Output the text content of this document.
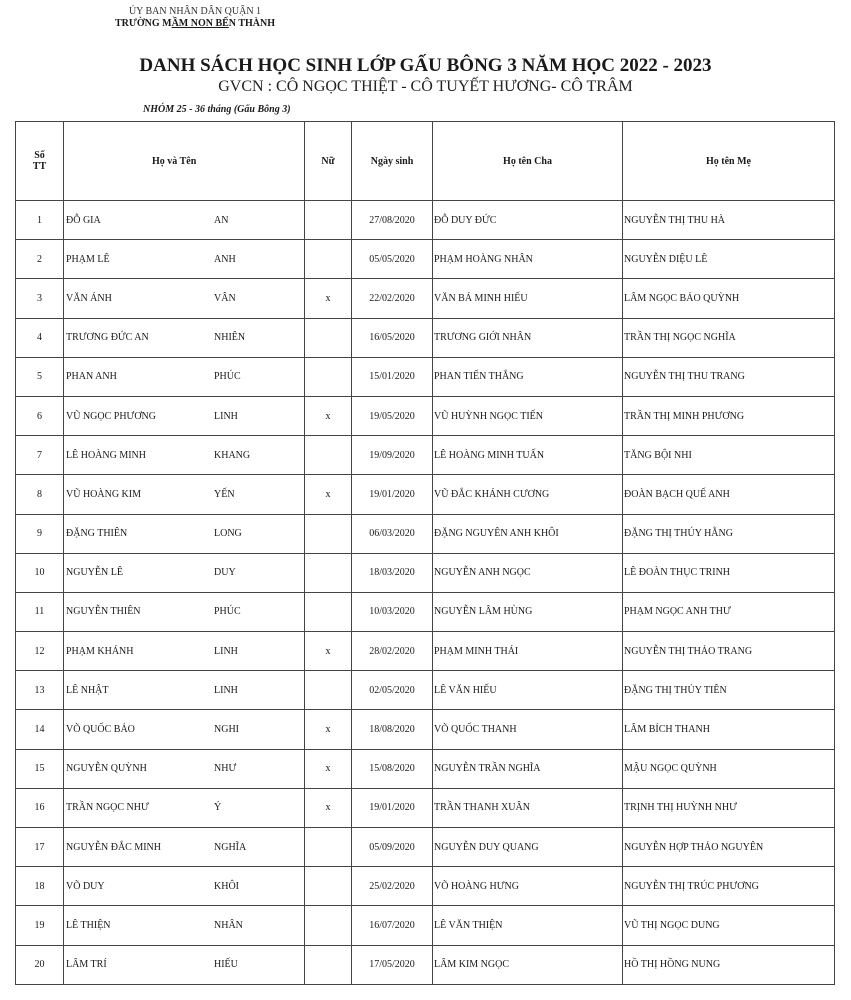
ỦY BAN NHÂN DÂN QUẬN 1
TRƯỜNG MẦM NON BẾN THÀNH
DANH SÁCH HỌC SINH LỚP GẤU BÔNG 3 NĂM HỌC 2022 - 2023
GVCN : CÔ NGỌC THIỆT - CÔ TUYẾT HƯƠNG- CÔ TRÂM
NHÓM 25 - 36 tháng (Gấu Bông 3)
Số TT	Họ và Tên	Nữ	Ngày sinh	Họ tên Cha	Họ tên Mẹ
1	ĐỖ GIA AN		27/08/2020	ĐỖ DUY ĐỨC	NGUYỄN THỊ THU HÀ
2	PHẠM LÊ ANH		05/05/2020	PHẠM HOÀNG NHÂN	NGUYỄN DIỆU LÊ
3	VĂN ÁNH VÂN	x	22/02/2020	VĂN BÁ MINH HIẾU	LÂM NGỌC BẢO QUỲNH
4	TRƯƠNG ĐỨC AN NHIÊN		16/05/2020	TRƯƠNG GIỚI NHÂN	TRẦN THỊ NGỌC NGHĨA
5	PHAN ANH PHÚC		15/01/2020	PHAN TIẾN THẮNG	NGUYỄN THỊ THU TRANG
6	VŨ NGỌC PHƯƠNG LINH	x	19/05/2020	VŨ HUỲNH NGỌC TIẾN	TRẦN THỊ MINH PHƯƠNG
7	LÊ HOÀNG MINH KHANG		19/09/2020	LÊ HOÀNG MINH TUẤN	TĂNG BỘI NHI
8	VŨ HOÀNG KIM YẾN	x	19/01/2020	VŨ ĐẮC KHÁNH CƯƠNG	ĐOÀN BẠCH QUẾ ANH
9	ĐẶNG THIÊN LONG		06/03/2020	ĐẶNG NGUYÊN ANH KHÔI	ĐẶNG THỊ THÚY HẰNG
10	NGUYỄN LÊ DUY		18/03/2020	NGUYỄN ANH NGỌC	LÊ ĐOÀN THỤC TRINH
11	NGUYỄN THIÊN PHÚC		10/03/2020	NGUYỄN LÂM HÙNG	PHẠM NGỌC ANH THƯ
12	PHẠM KHÁNH LINH	x	28/02/2020	PHẠM MINH THÁI	NGUYỄN THỊ THẢO TRANG
13	LÊ NHẬT LINH		02/05/2020	LÊ VĂN HIẾU	ĐẶNG THỊ THỦY TIÊN
14	VÕ QUỐC BẢO NGHI	x	18/08/2020	VÕ QUỐC THANH	LÂM BÍCH THANH
15	NGUYỄN QUỲNH NHƯ	x	15/08/2020	NGUYỄN TRẦN NGHĨA	MẬU NGỌC QUỲNH
16	TRẦN NGỌC NHƯ Ý	x	19/01/2020	TRẦN THANH XUÂN	TRỊNH THỊ HUỲNH NHƯ
17	NGUYỄN ĐẮC MINH NGHĨA		05/09/2020	NGUYỄN DUY QUANG	NGUYỄN HỢP THẢO NGUYÊN
18	VÕ DUY KHÔI		25/02/2020	VÕ HOÀNG HƯNG	NGUYỄN THỊ TRÚC PHƯƠNG
19	LÊ THIỆN NHÂN		16/07/2020	LÊ VĂN THIỆN	VŨ THỊ NGỌC DUNG
20	LÂM TRÍ HIẾU		17/05/2020	LÂM KIM NGỌC	HỒ THỊ HỒNG NUNG
